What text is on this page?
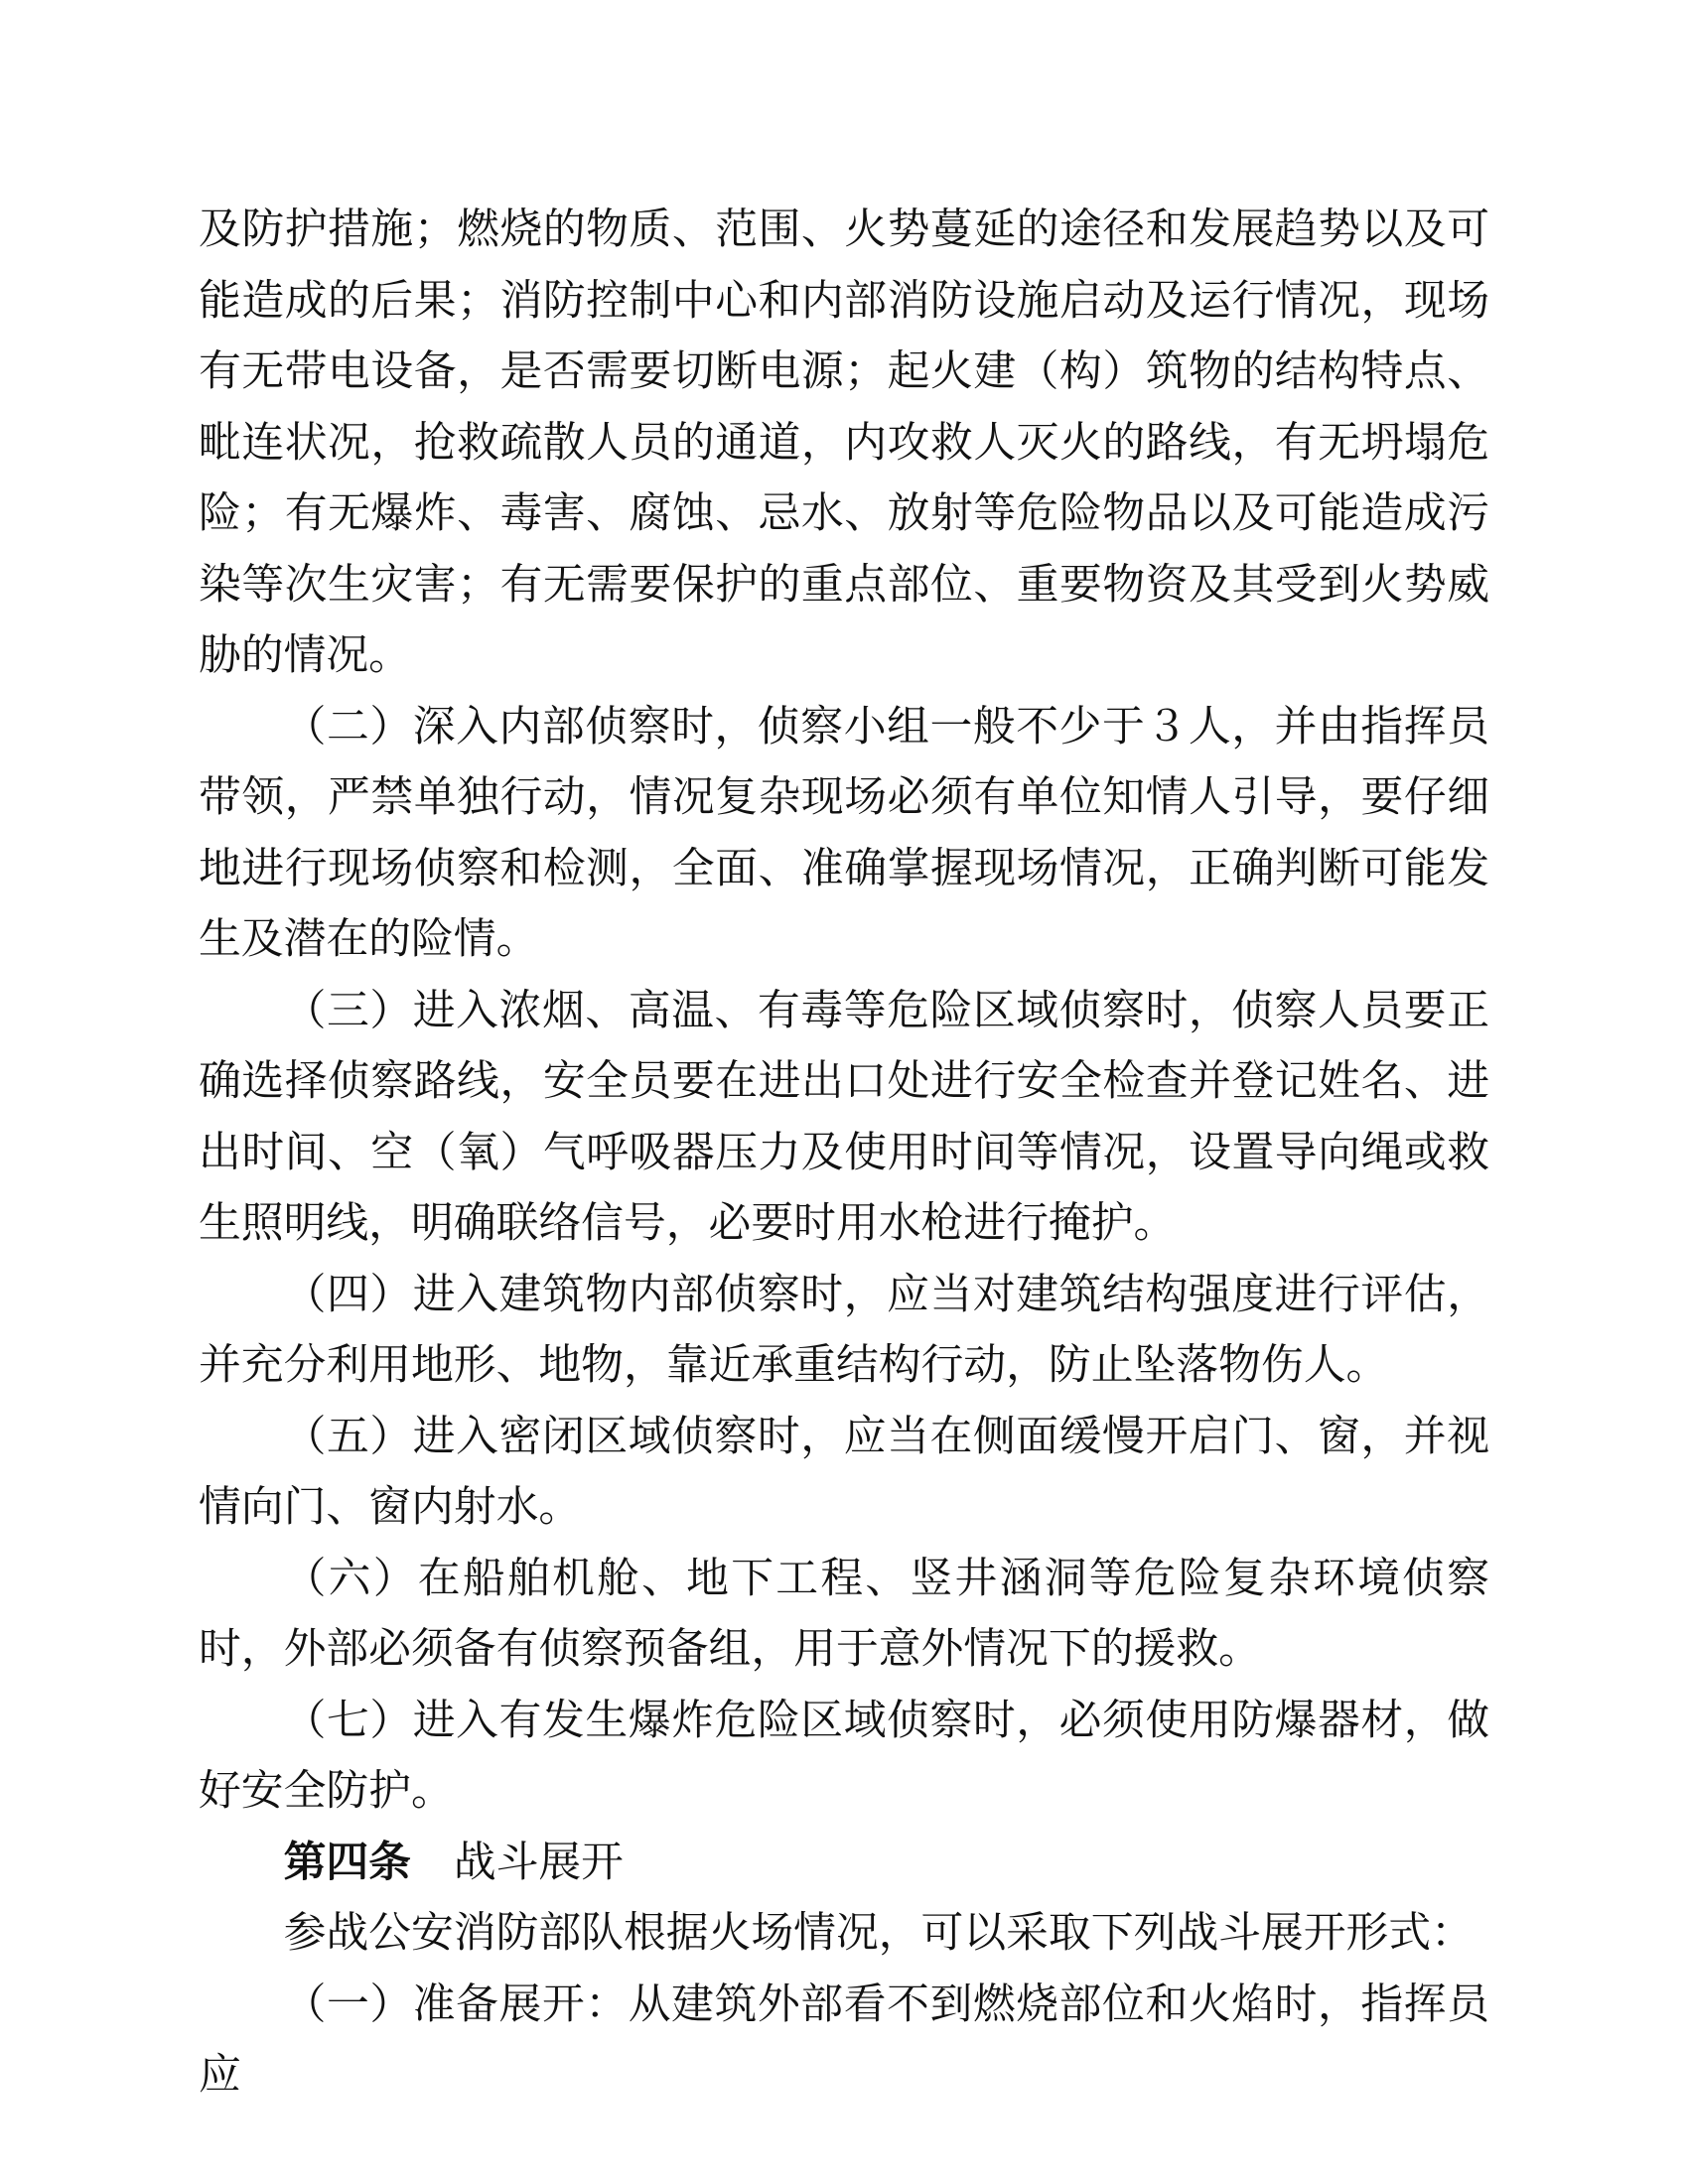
及防护措施；燃烧的物质、范围、火势蔓延的途径和发展趋势以及可能造成的后果；消防控制中心和内部消防设施启动及运行情况，现场有无带电设备，是否需要切断电源；起火建（构）筑物的结构特点、毗连状况，抢救疏散人员的通道，内攻救人灭火的路线，有无坍塌危险；有无爆炸、毒害、腐蚀、忌水、放射等危险物品以及可能造成污染等次生灾害；有无需要保护的重点部位、重要物资及其受到火势威胁的情况。

（二）深入内部侦察时，侦察小组一般不少于３人，并由指挥员带领，严禁单独行动，情况复杂现场必须有单位知情人引导，要仔细地进行现场侦察和检测，全面、准确掌握现场情况，正确判断可能发生及潜在的险情。

（三）进入浓烟、高温、有毒等危险区域侦察时，侦察人员要正确选择侦察路线，安全员要在进出口处进行安全检查并登记姓名、进出时间、空（氧）气呼吸器压力及使用时间等情况，设置导向绳或救生照明线，明确联络信号，必要时用水枪进行掩护。

（四）进入建筑物内部侦察时，应当对建筑结构强度进行评估，并充分利用地形、地物，靠近承重结构行动，防止坠落物伤人。

（五）进入密闭区域侦察时，应当在侧面缓慢开启门、窗，并视情向门、窗内射水。

（六）在船舶机舱、地下工程、竖井涵洞等危险复杂环境侦察时，外部必须备有侦察预备组，用于意外情况下的援救。

（七）进入有发生爆炸危险区域侦察时，必须使用防爆器材，做好安全防护。

第四条 战斗展开

参战公安消防部队根据火场情况，可以采取下列战斗展开形式：

（一）准备展开：从建筑外部看不到燃烧部位和火焰时，指挥员应
